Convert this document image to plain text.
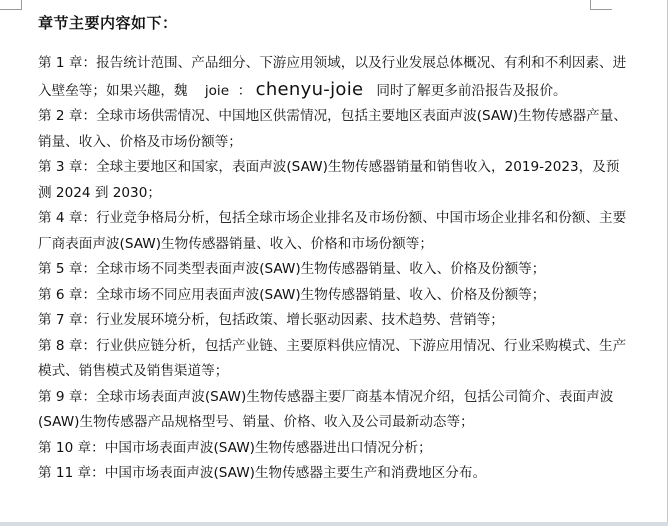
章节主要内容如下：

第 1 章：报告统计范围、产品细分、下游应用领域，以及行业发展总体概况、有利和不利因素、进入壁垒等；如果兴趣，魏 joie ： chenyu-joie 同时了解更多前沿报告及报价。

第 2 章：全球市场供需情况、中国地区供需情况，包括主要地区表面声波(SAW)生物传感器产量、销量、收入、价格及市场份额等；

第 3 章：全球主要地区和国家，表面声波(SAW)生物传感器销量和销售收入，2019-2023，及预测 2024 到 2030；

第 4 章：行业竞争格局分析，包括全球市场企业排名及市场份额、中国市场企业排名和份额、主要厂商表面声波(SAW)生物传感器销量、收入、价格和市场份额等；

第 5 章：全球市场不同类型表面声波(SAW)生物传感器销量、收入、价格及份额等；

第 6 章：全球市场不同应用表面声波(SAW)生物传感器销量、收入、价格及份额等；

第 7 章：行业发展环境分析，包括政策、增长驱动因素、技术趋势、营销等；

第 8 章：行业供应链分析，包括产业链、主要原料供应情况、下游应用情况、行业采购模式、生产模式、销售模式及销售渠道等；

第 9 章：全球市场表面声波(SAW)生物传感器主要厂商基本情况介绍，包括公司简介、表面声波(SAW)生物传感器产品规格型号、销量、价格、收入及公司最新动态等；

第 10 章：中国市场表面声波(SAW)生物传感器进出口情况分析；

第 11 章：中国市场表面声波(SAW)生物传感器主要生产和消费地区分布。
